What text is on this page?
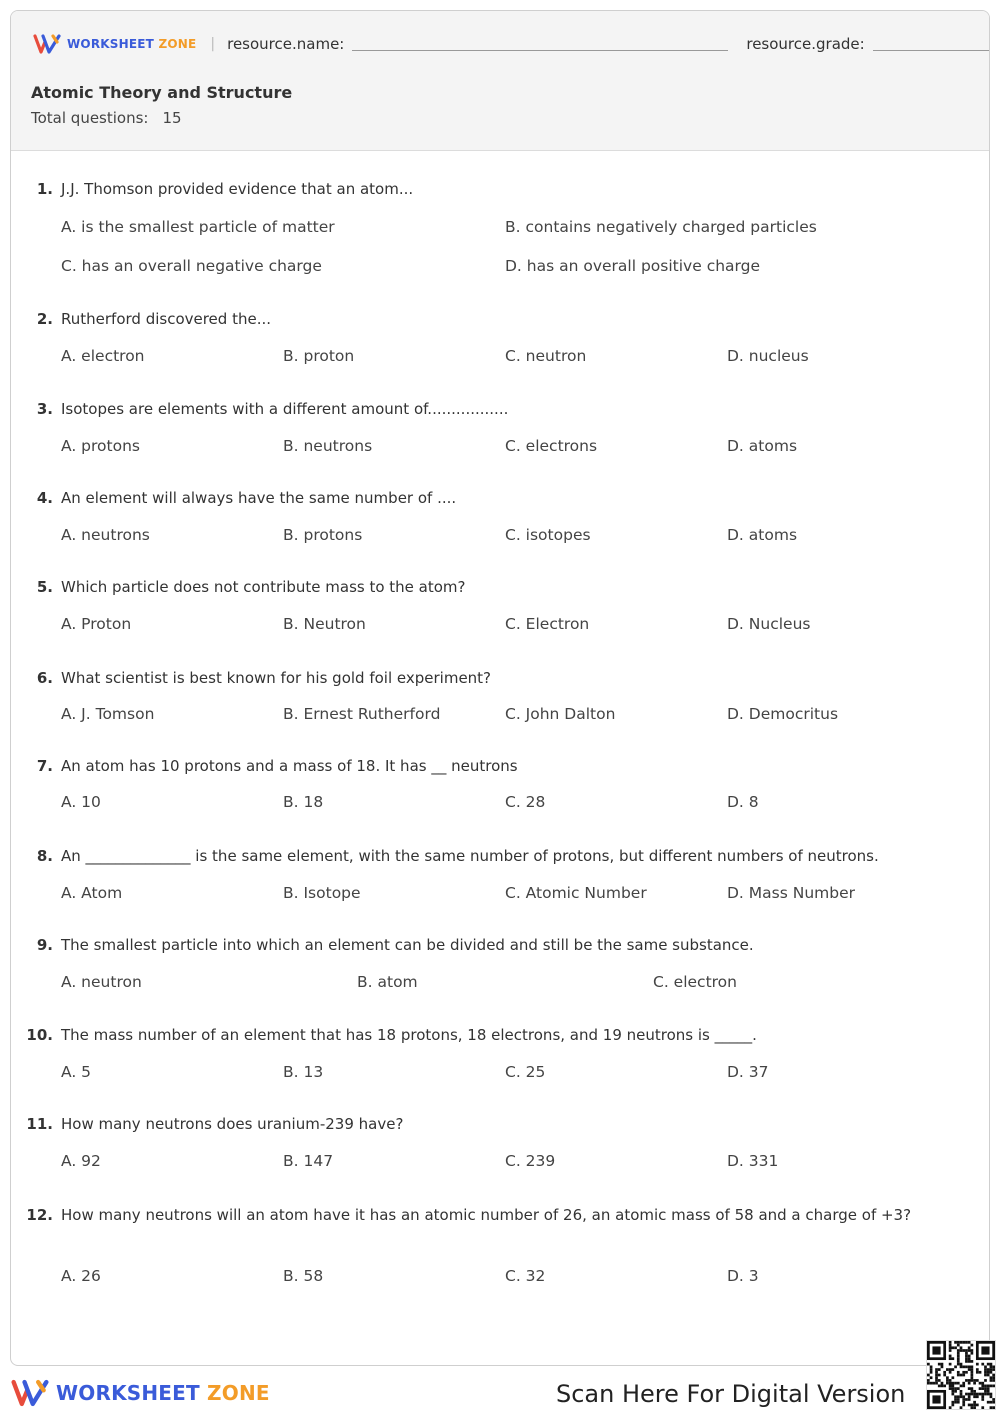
WORKSHEET ZONE | resource.name:	resource.grade:
Atomic Theory and Structure
Total questions: 15
1. J.J. Thomson provided evidence that an atom...
A. is the smallest particle of matter	B. contains negatively charged particles
C. has an overall negative charge	D. has an overall positive charge
2. Rutherford discovered the...
A. electron	B. proton	C. neutron	D. nucleus
3. Isotopes are elements with a different amount of.................
A. protons	B. neutrons	C. electrons	D. atoms
4. An element will always have the same number of ....
A. neutrons	B. protons	C. isotopes	D. atoms
5. Which particle does not contribute mass to the atom?
A. Proton	B. Neutron	C. Electron	D. Nucleus
6. What scientist is best known for his gold foil experiment?
A. J. Tomson	B. Ernest Rutherford	C. John Dalton	D. Democritus
7. An atom has 10 protons and a mass of 18. It has __ neutrons
A. 10	B. 18	C. 28	D. 8
8. An ______________ is the same element, with the same number of protons, but different numbers of neutrons.
A. Atom	B. Isotope	C. Atomic Number	D. Mass Number
9. The smallest particle into which an element can be divided and still be the same substance.
A. neutron	B. atom	C. electron
10. The mass number of an element that has 18 protons, 18 electrons, and 19 neutrons is _____.
A. 5	B. 13	C. 25	D. 37
11. How many neutrons does uranium-239 have?
A. 92	B. 147	C. 239	D. 331
12. How many neutrons will an atom have it has an atomic number of 26, an atomic mass of 58 and a charge of +3?
A. 26	B. 58	C. 32	D. 3
WORKSHEET ZONE	Scan Here For Digital Version
